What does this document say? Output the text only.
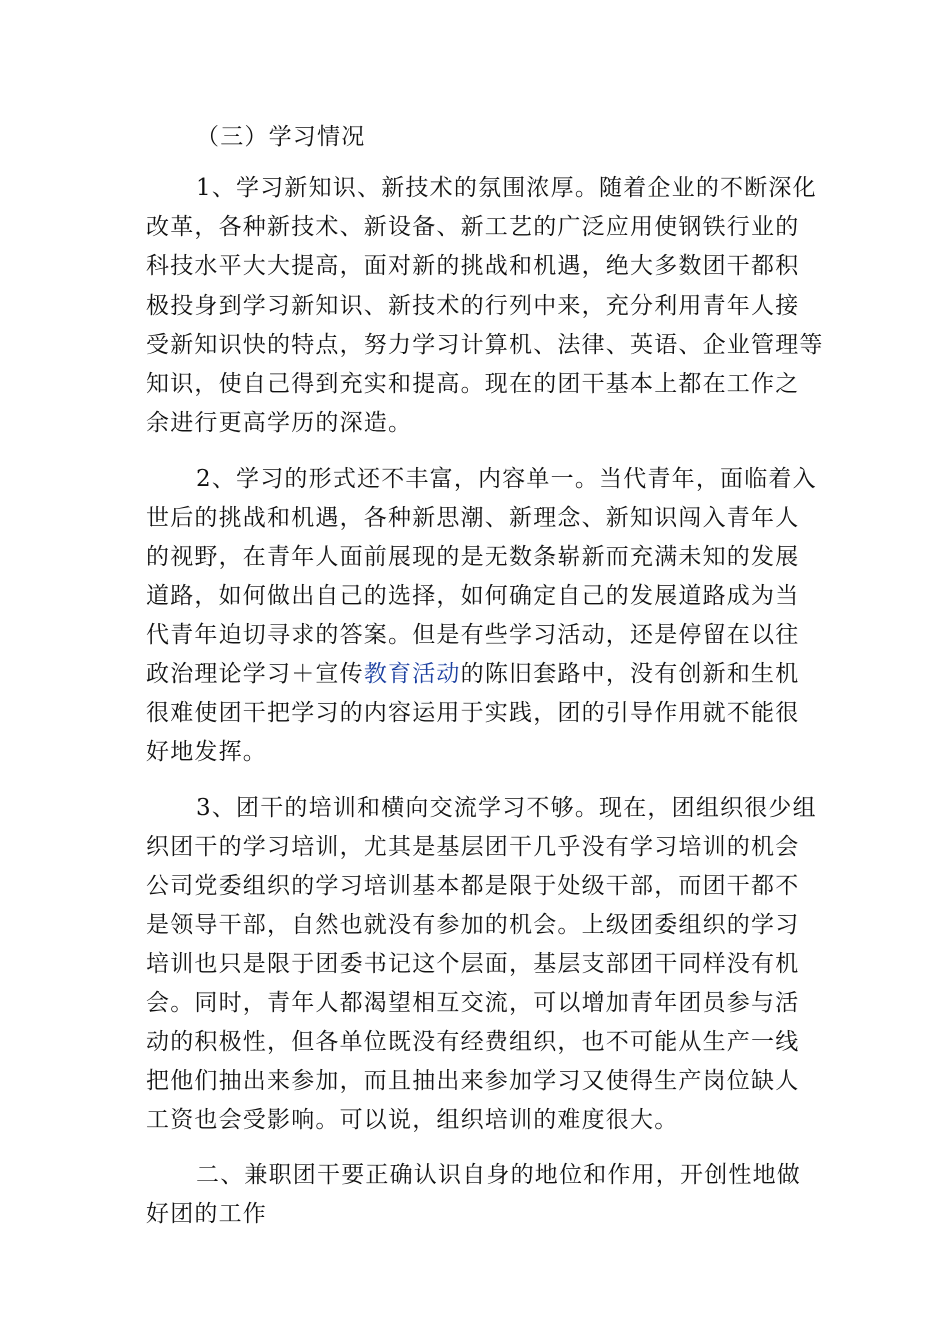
（三）学习情况
1、学习新知识、新技术的氛围浓厚。随着企业的不断深化
改革，各种新技术、新设备、新工艺的广泛应用使钢铁行业的
科技水平大大提高，面对新的挑战和机遇，绝大多数团干都积
极投身到学习新知识、新技术的行列中来，充分利用青年人接
受新知识快的特点，努力学习计算机、法律、英语、企业管理等
知识，使自己得到充实和提高。现在的团干基本上都在工作之
余进行更高学历的深造。
2、学习的形式还不丰富，内容单一。当代青年，面临着入
世后的挑战和机遇，各种新思潮、新理念、新知识闯入青年人
的视野，在青年人面前展现的是无数条崭新而充满未知的发展
道路，如何做出自己的选择，如何确定自己的发展道路成为当
代青年迫切寻求的答案。但是有些学习活动，还是停留在以往
政治理论学习＋宣传教育活动的陈旧套路中，没有创新和生机
很难使团干把学习的内容运用于实践，团的引导作用就不能很
好地发挥。
3、团干的培训和横向交流学习不够。现在，团组织很少组
织团干的学习培训，尤其是基层团干几乎没有学习培训的机会
公司党委组织的学习培训基本都是限于处级干部，而团干都不
是领导干部，自然也就没有参加的机会。上级团委组织的学习
培训也只是限于团委书记这个层面，基层支部团干同样没有机
会。同时，青年人都渴望相互交流，可以增加青年团员参与活
动的积极性，但各单位既没有经费组织，也不可能从生产一线
把他们抽出来参加，而且抽出来参加学习又使得生产岗位缺人
工资也会受影响。可以说，组织培训的难度很大。
二、兼职团干要正确认识自身的地位和作用，开创性地做
好团的工作
